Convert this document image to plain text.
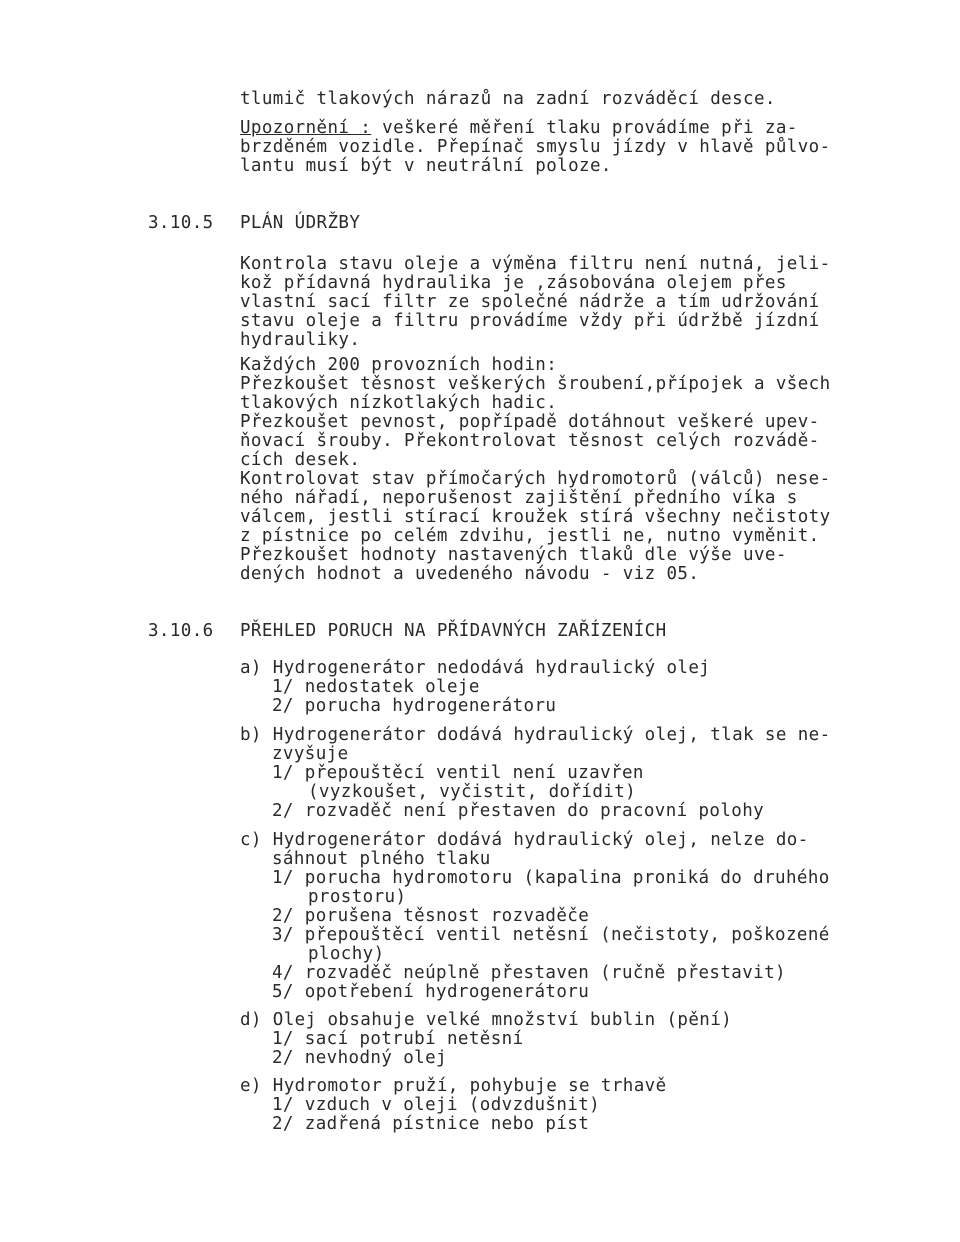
tlumič tlakových nárazů na zadní rozváděcí desce.
Upozornění : veškeré měření tlaku provádíme při za-
brzděném vozidle. Přepínač smyslu jízdy v hlavě půlvo-
lantu musí být v neutrální poloze.
3.10.5 PLÁN ÚDRŽBY
Kontrola stavu oleje a výměna filtru není nutná, jeli-
kož přídavná hydraulika je ,zásobována olejem přes
vlastní sací filtr ze společné nádrže a tím udržování
stavu oleje a filtru provádíme vždy při údržbě jízdní
hydrauliky.
Každých 200 provozních hodin:
Přezkoušet těsnost veškerých šroubení,přípojek a všech
tlakových nízkotlakých hadic.
Přezkoušet pevnost, popřípadě dotáhnout veškeré upev-
ňovací šrouby. Překontrolovat těsnost celých rozvádě-
cích desek.
Kontrolovat stav přímočarých hydromotorů (válců) nese-
ného nářadí, neporušenost zajištění předního víka s
válcem, jestli stírací kroužek stírá všechny nečistoty
z pístnice po celém zdvihu, jestli ne, nutno vyměnit.
Přezkoušet hodnoty nastavených tlaků dle výše uve-
dených hodnot a uvedeného návodu - viz 05.
3.10.6 PŘEHLED PORUCH NA PŘÍDAVNÝCH ZAŘÍZENÍCH
a) Hydrogenerátor nedodává hydraulický olej
1/ nedostatek oleje
2/ porucha hydrogenerátoru
b) Hydrogenerátor dodává hydraulický olej, tlak se ne-
zvyšuje
1/ přepouštěcí ventil není uzavřen
(vyzkoušet, vyčistit, dořídit)
2/ rozvaděč není přestaven do pracovní polohy
c) Hydrogenerátor dodává hydraulický olej, nelze do-
sáhnout plného tlaku
1/ porucha hydromotoru (kapalina proniká do druhého
prostoru)
2/ porušena těsnost rozvaděče
3/ přepouštěcí ventil netěsní (nečistoty, poškozené
plochy)
4/ rozvaděč neúplně přestaven (ručně přestavit)
5/ opotřebení hydrogenerátoru
d) Olej obsahuje velké množství bublin (pění)
1/ sací potrubí netěsní
2/ nevhodný olej
e) Hydromotor pruží, pohybuje se trhavě
1/ vzduch v oleji (odvzdušnit)
2/ zadřená pístnice nebo píst
